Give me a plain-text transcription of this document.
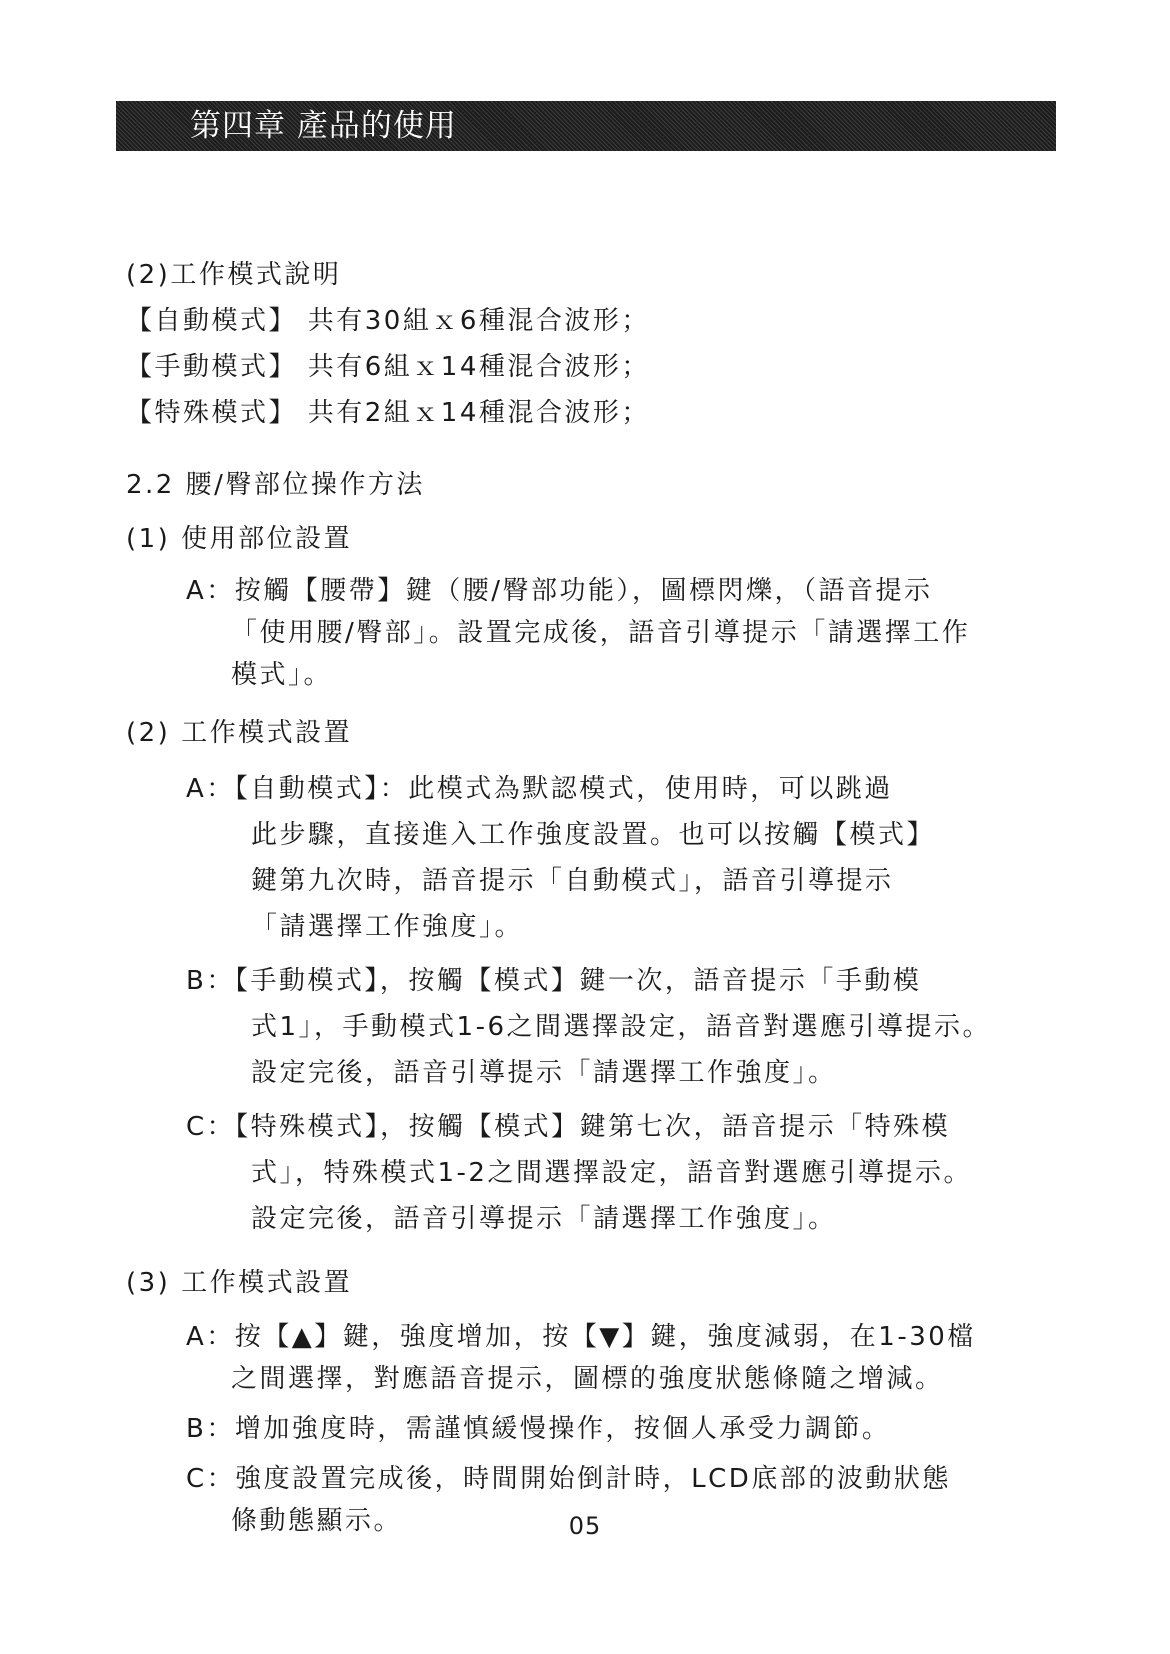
第四章 產品的使用

(2)工作模式說明

【自動模式】 共有30組ｘ6種混合波形；

【手動模式】 共有6組ｘ14種混合波形；

【特殊模式】 共有2組ｘ14種混合波形；

2.2 腰/臀部位操作方法

(1) 使用部位設置

A：按觸【腰帶】鍵（腰/臀部功能），圖標閃爍，（語音提示

「使用腰/臀部」。設置完成後，語音引導提示「請選擇工作

模式」。

(2) 工作模式設置

A：【自動模式】：此模式為默認模式，使用時，可以跳過

此步驟，直接進入工作強度設置。也可以按觸【模式】

鍵第九次時，語音提示「自動模式」，語音引導提示

「請選擇工作強度」。

B：【手動模式】，按觸【模式】鍵一次，語音提示「手動模

式1」，手動模式1-6之間選擇設定，語音對選應引導提示。

設定完後，語音引導提示「請選擇工作強度」。

C：【特殊模式】，按觸【模式】鍵第七次，語音提示「特殊模

式」，特殊模式1-2之間選擇設定，語音對選應引導提示。

設定完後，語音引導提示「請選擇工作強度」。

(3) 工作模式設置

A：按【▲】鍵，強度增加，按【▼】鍵，強度減弱，在1-30檔

之間選擇，對應語音提示，圖標的強度狀態條隨之增減。

B：增加強度時，需謹慎緩慢操作，按個人承受力調節。

C：強度設置完成後，時間開始倒計時，LCD底部的波動狀態

條動態顯示。	05
